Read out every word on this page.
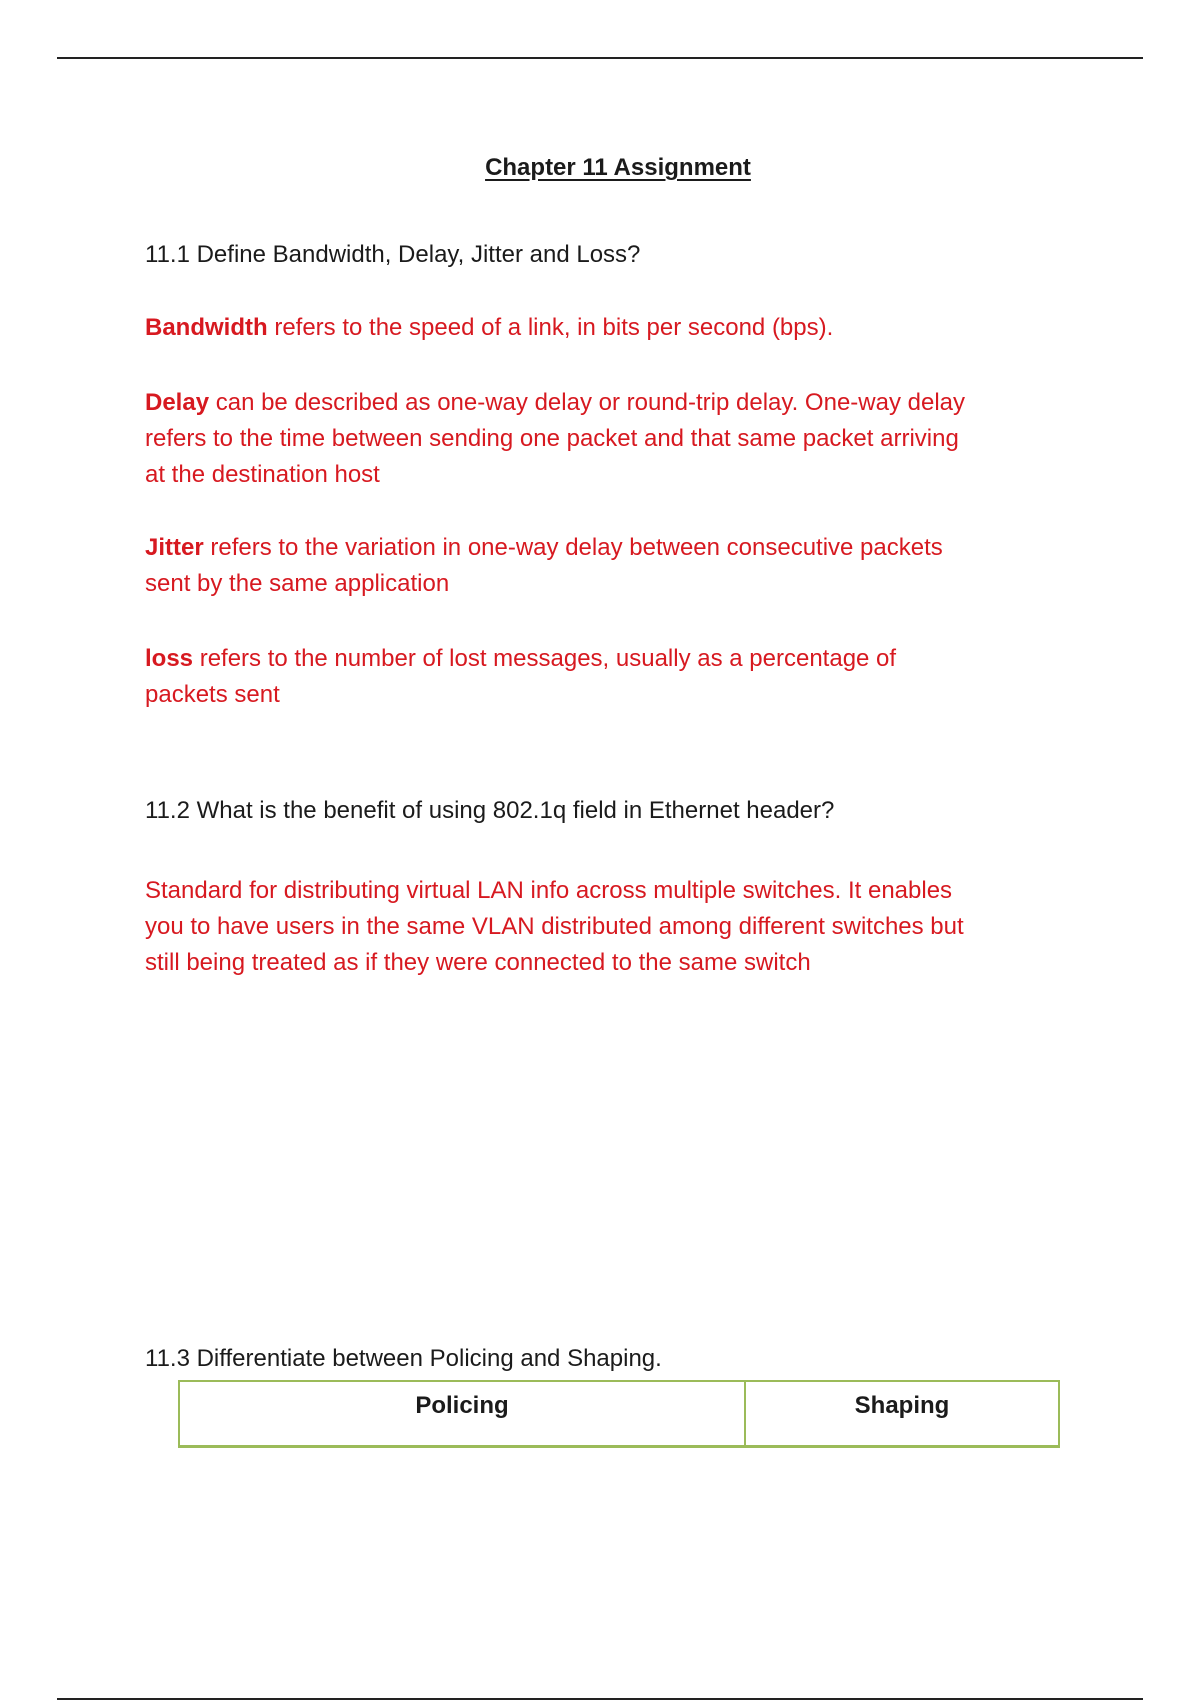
Chapter 11 Assignment
11.1 Define Bandwidth, Delay, Jitter and Loss?
Bandwidth refers to the speed of a link, in bits per second (bps).
Delay can be described as one-way delay or round-trip delay. One-way delay refers to the time between sending one packet and that same packet arriving at the destination host
Jitter refers to the variation in one-way delay between consecutive packets sent by the same application
loss refers to the number of lost messages, usually as a percentage of packets sent
11.2 What is the benefit of using 802.1q field in Ethernet header?
Standard for distributing virtual LAN info across multiple switches. It enables you to have users in the same VLAN distributed among different switches but still being treated as if they were connected to the same switch
11.3 Differentiate between Policing and Shaping.
Policing	Shaping
